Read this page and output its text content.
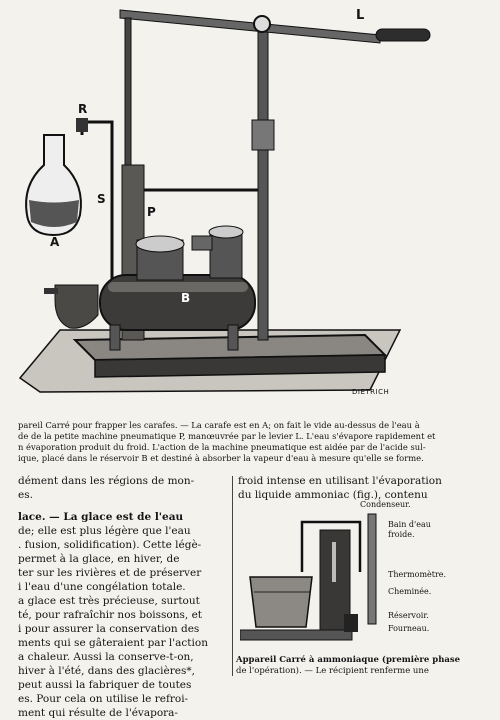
L
R
S
P
A
B
DIETRICH
pareil Carré pour frapper les carafes. — La carafe est en A; on fait le vide au-dessus de l'eau à
de de la petite machine pneumatique P, manœuvrée par le levier L. L'eau s'évapore rapidement et
n évaporation produit du froid. L'action de la machine pneumatique est aidée par de l'acide sul-
ique, placé dans le réservoir B et destiné à absorber la vapeur d'eau à mesure qu'elle se forme.
dément dans les régions de mon-
es.
lace. — La glace est de l'eau
de; elle est plus légère que l'eau
. fusion, solidification). Cette légè-
permet à la glace, en hiver, de
ter sur les rivières et de préserver
i l'eau d'une congélation totale.
a glace est très précieuse, surtout
té, pour rafraîchir nos boissons, et
i pour assurer la conservation des
ments qui se gâteraient par l'action
a chaleur. Aussi la conserve-t-on,
hiver à l'été, dans des glacières*,
peut aussi la fabriquer de toutes
es. Pour cela on utilise le refroi-
ment qui résulte de l'évapora-
froid intense en utilisant l'évaporation
du liquide ammoniac (fig.), contenu
Condenseur.
Bain d'eau froide.
Thermomètre.
Cheminée.
Réservoir.
Fourneau.
Appareil Carré à ammoniaque (première phase
de l'opération). — Le récipient renferme une
